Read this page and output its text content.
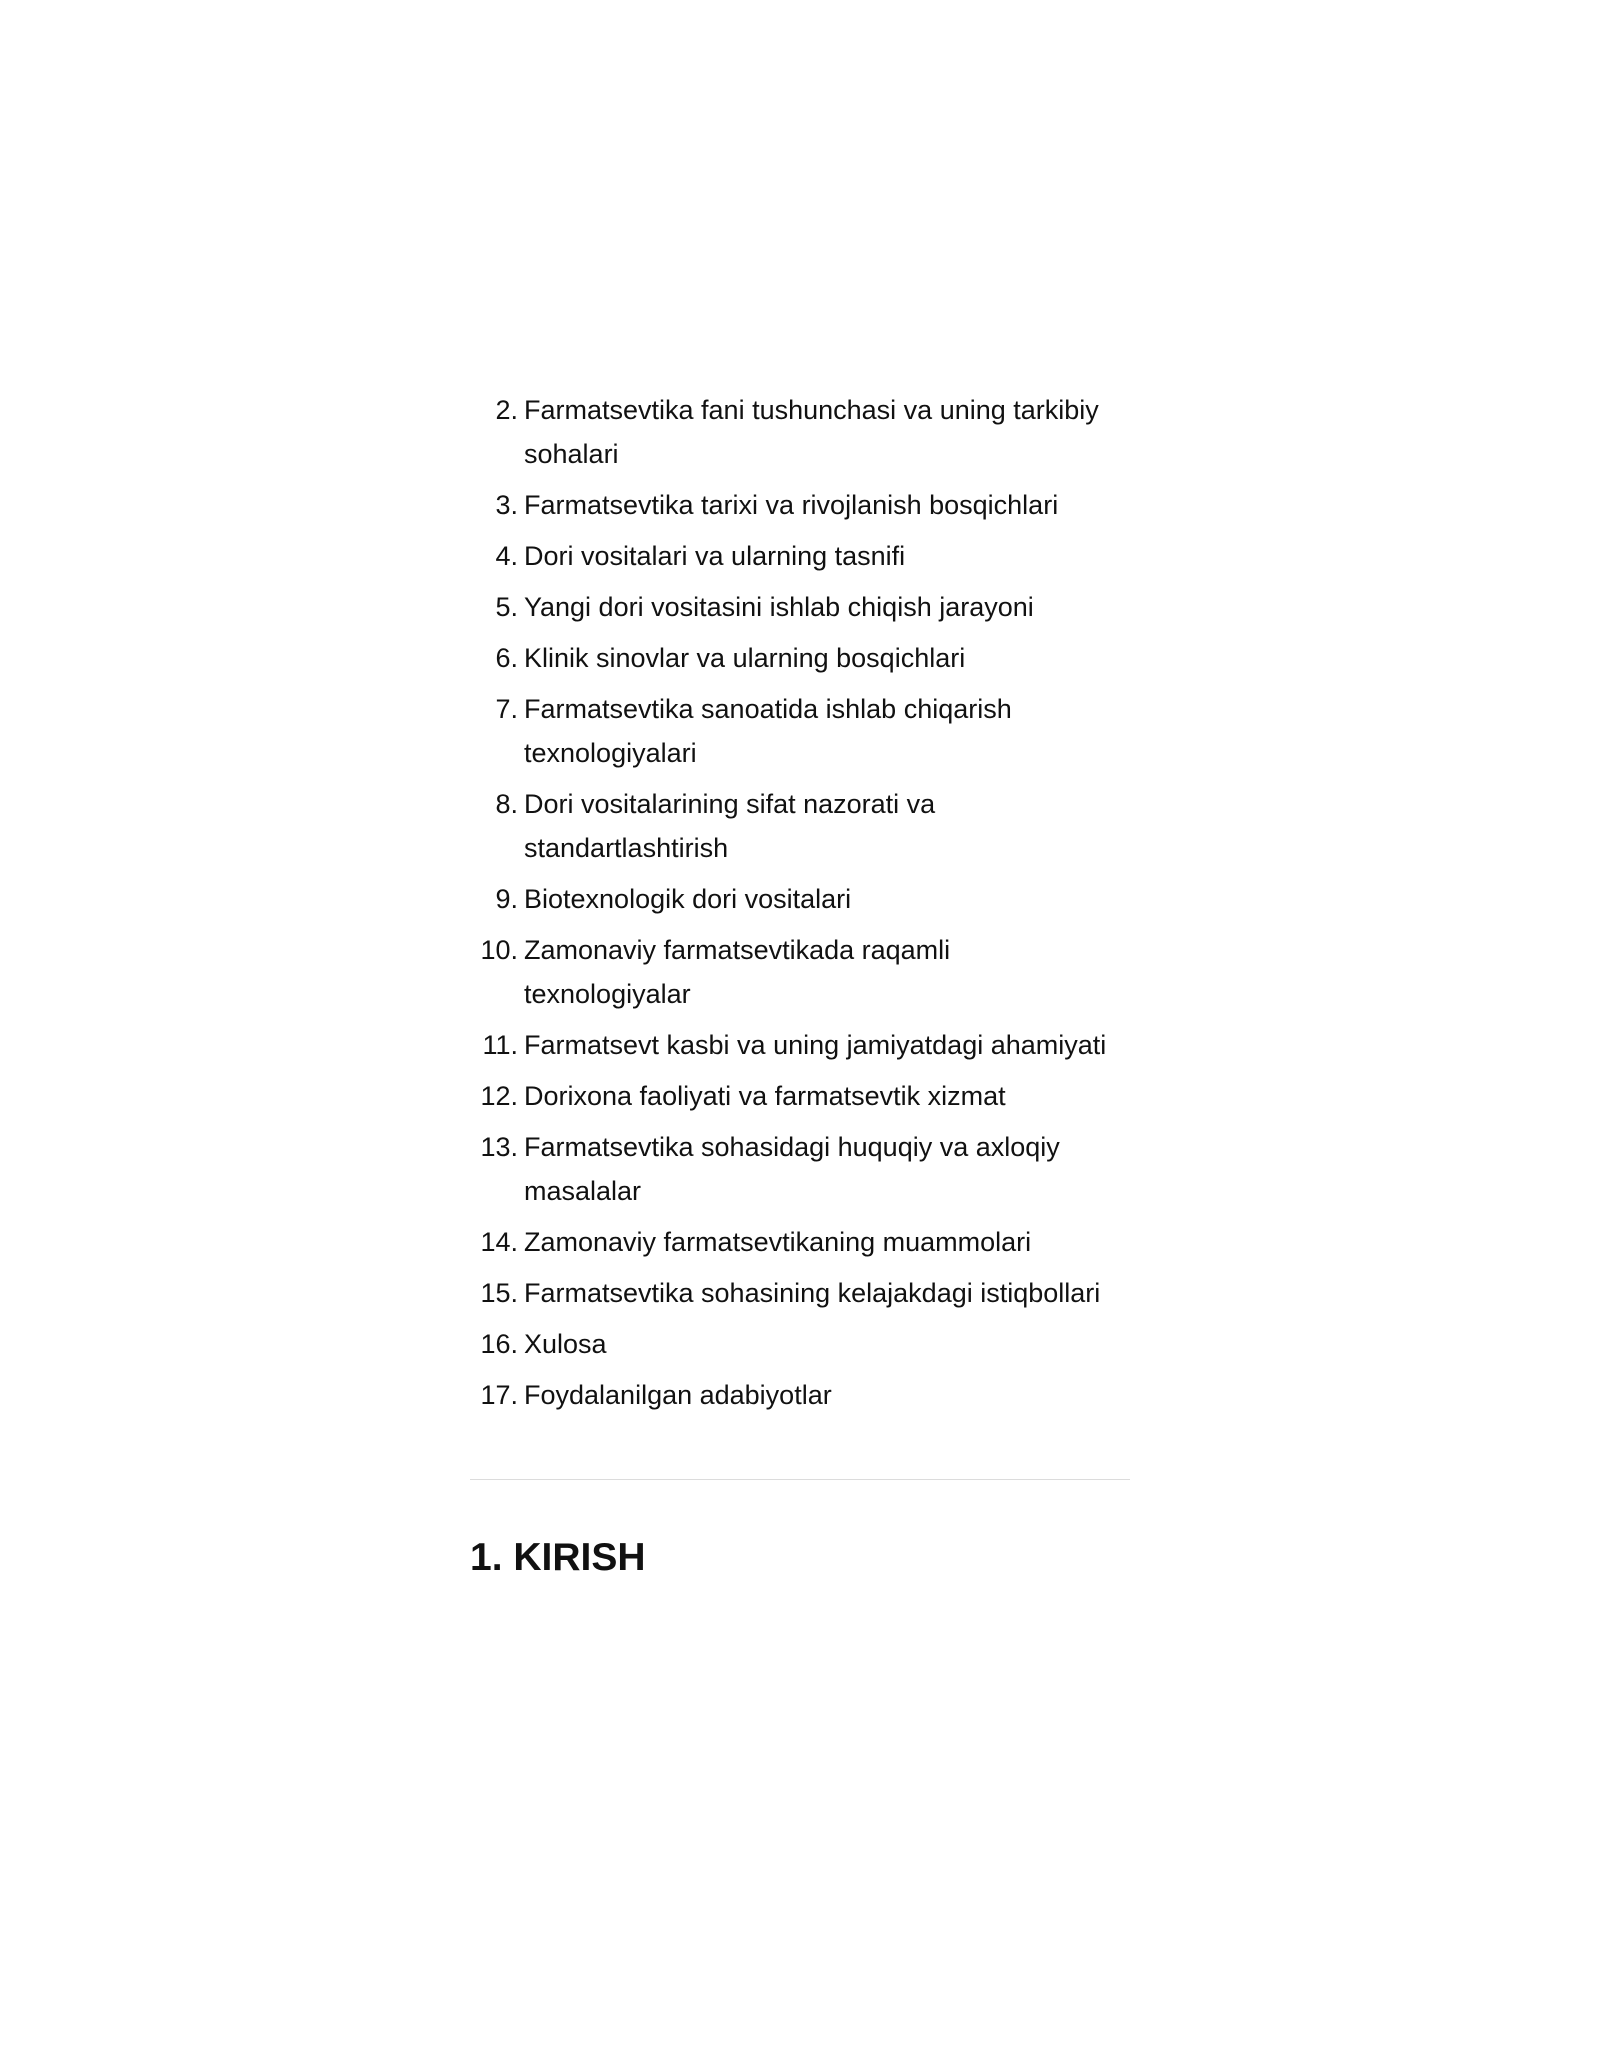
2. Farmatsevtika fani tushunchasi va uning tarkibiy sohalari
3. Farmatsevtika tarixi va rivojlanish bosqichlari
4. Dori vositalari va ularning tasnifi
5. Yangi dori vositasini ishlab chiqish jarayoni
6. Klinik sinovlar va ularning bosqichlari
7. Farmatsevtika sanoatida ishlab chiqarish texnologiyalari
8. Dori vositalarining sifat nazorati va standartlashtirish
9. Biotexnologik dori vositalari
10. Zamonaviy farmatsevtikada raqamli texnologiyalar
11. Farmatsevt kasbi va uning jamiyatdagi ahamiyati
12. Dorixona faoliyati va farmatsevtik xizmat
13. Farmatsevtika sohasidagi huquqiy va axloqiy masalalar
14. Zamonaviy farmatsevtikaning muammolari
15. Farmatsevtika sohasining kelajakdagi istiqbollari
16. Xulosa
17. Foydalanilgan adabiyotlar
1. KIRISH
